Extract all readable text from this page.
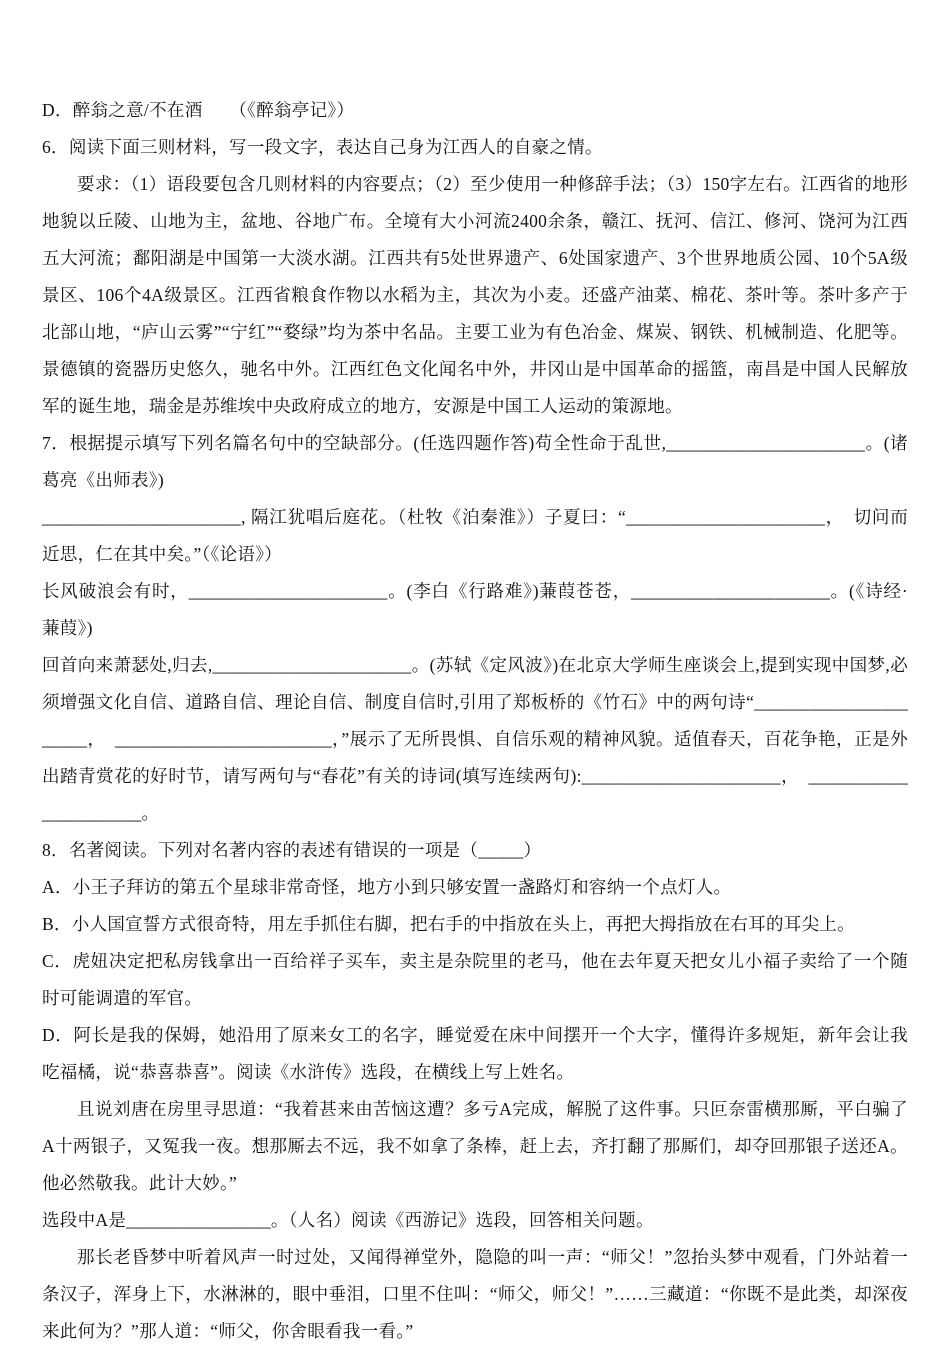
D．醉翁之意/不在酒　　（《醉翁亭记》）

6．阅读下面三则材料，写一段文字，表达自己身为江西人的自豪之情。

要求：（1）语段要包含几则材料的内容要点；（2）至少使用一种修辞手法；（3）150字左右。江西省的地形地貌以丘陵、山地为主，盆地、谷地广布。全境有大小河流2400余条，赣江、抚河、信江、修河、饶河为江西五大河流；鄱阳湖是中国第一大淡水湖。江西共有5处世界遗产、6处国家遗产、3个世界地质公园、10个5A级景区、106个4A级景区。江西省粮食作物以水稻为主，其次为小麦。还盛产油菜、棉花、茶叶等。茶叶多产于北部山地，“庐山云雾”“宁红”“婺绿”均为茶中名品。主要工业为有色冶金、煤炭、钢铁、机械制造、化肥等。景德镇的瓷器历史悠久，驰名中外。江西红色文化闻名中外，井冈山是中国革命的摇篮，南昌是中国人民解放军的诞生地，瑞金是苏维埃中央政府成立的地方，安源是中国工人运动的策源地。

7．根据提示填写下列名篇名句中的空缺部分。(任选四题作答)苟全性命于乱世,______________________。(诸葛亮《出师表》)

______________________, 隔江犹唱后庭花。（杜牧《泊秦淮》）子夏曰：“______________________，　切问而近思，仁在其中矣。”（《论语》）

长风破浪会有时，______________________。(李白《行路难》)蒹葭苍苍，______________________。(《诗经·蒹葭》)

回首向来萧瑟处,归去,______________________。(苏轼《定风波》)在北京大学师生座谈会上,提到实现中国梦,必须增强文化自信、道路自信、理论自信、制度自信时,引用了郑板桥的《竹石》中的两句诗“______________________，　________________________，”展示了无所畏惧、自信乐观的精神风貌。适值春天，百花争艳，正是外出踏青赏花的好时节，请写两句与“春花”有关的诗词(填写连续两句):______________________，　______________________。

8．名著阅读。下列对名著内容的表述有错误的一项是（_____）

A．小王子拜访的第五个星球非常奇怪，地方小到只够安置一盏路灯和容纳一个点灯人。

B．小人国宣誓方式很奇特，用左手抓住右脚，把右手的中指放在头上，再把大拇指放在右耳的耳尖上。

C．虎妞决定把私房钱拿出一百给祥子买车，卖主是杂院里的老马，他在去年夏天把女儿小福子卖给了一个随时可能调遣的军官。

D．阿长是我的保姆，她沿用了原来女工的名字，睡觉爱在床中间摆开一个大字，懂得许多规矩，新年会让我吃福橘，说“恭喜恭喜”。阅读《水浒传》选段，在横线上写上姓名。

且说刘唐在房里寻思道：“我着甚来由苦恼这遭？多亏A完成，解脱了这件事。只叵奈雷横那厮，平白骗了A十两银子，又冤我一夜。想那厮去不远，我不如拿了条棒，赶上去，齐打翻了那厮们，却夺回那银子送还A。他必然敬我。此计大妙。”

选段中A是________________。（人名）阅读《西游记》选段，回答相关问题。

那长老昏梦中听着风声一时过处，又闻得禅堂外，隐隐的叫一声：“师父！”忽抬头梦中观看，门外站着一条汉子，浑身上下，水淋淋的，眼中垂泪，口里不住叫：“师父，师父！”……三藏道：“你既不是此类，却深夜来此何为？”那人道：“师父，你舍眼看我一看。”
